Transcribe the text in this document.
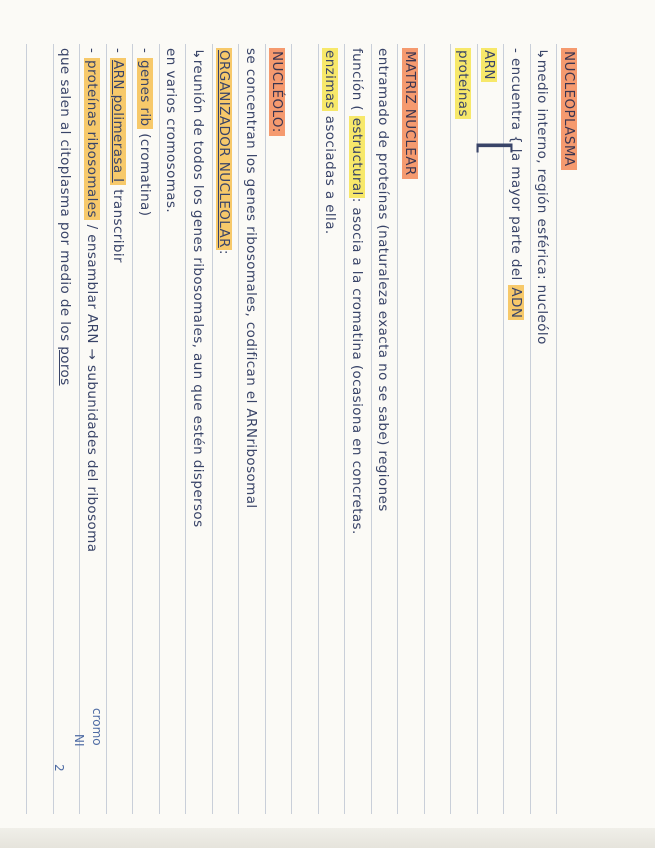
NUCLEOPLASMA
↳medio interno, región esférica: nucleólo
- encuentra { la mayor parte del ADN
ARN
proteínas
MATRIZ NUCLEAR
entramado de proteínas (naturaleza exacta no se sabe) regiones
función ( estructural: asocia a la cromatina (ocasiona en concretas.
enzimas asociadas a ella.
NUCLÉOLO:
se concentran los genes ribosomales, codifican el ARNribosomal
ORGANIZADOR NUCLEOLAR:
↳reunión de todos los genes ribosomales, aun que estén dispersos
en varios cromosomas.
- genes rib (cromatina)
- ARN polimerasa I transcribir
- proteínas ribosomales / ensamblar ARN → subunidades del ribosoma
que salen al citoplasma por medio de los poros
[
cromo
NI
2
